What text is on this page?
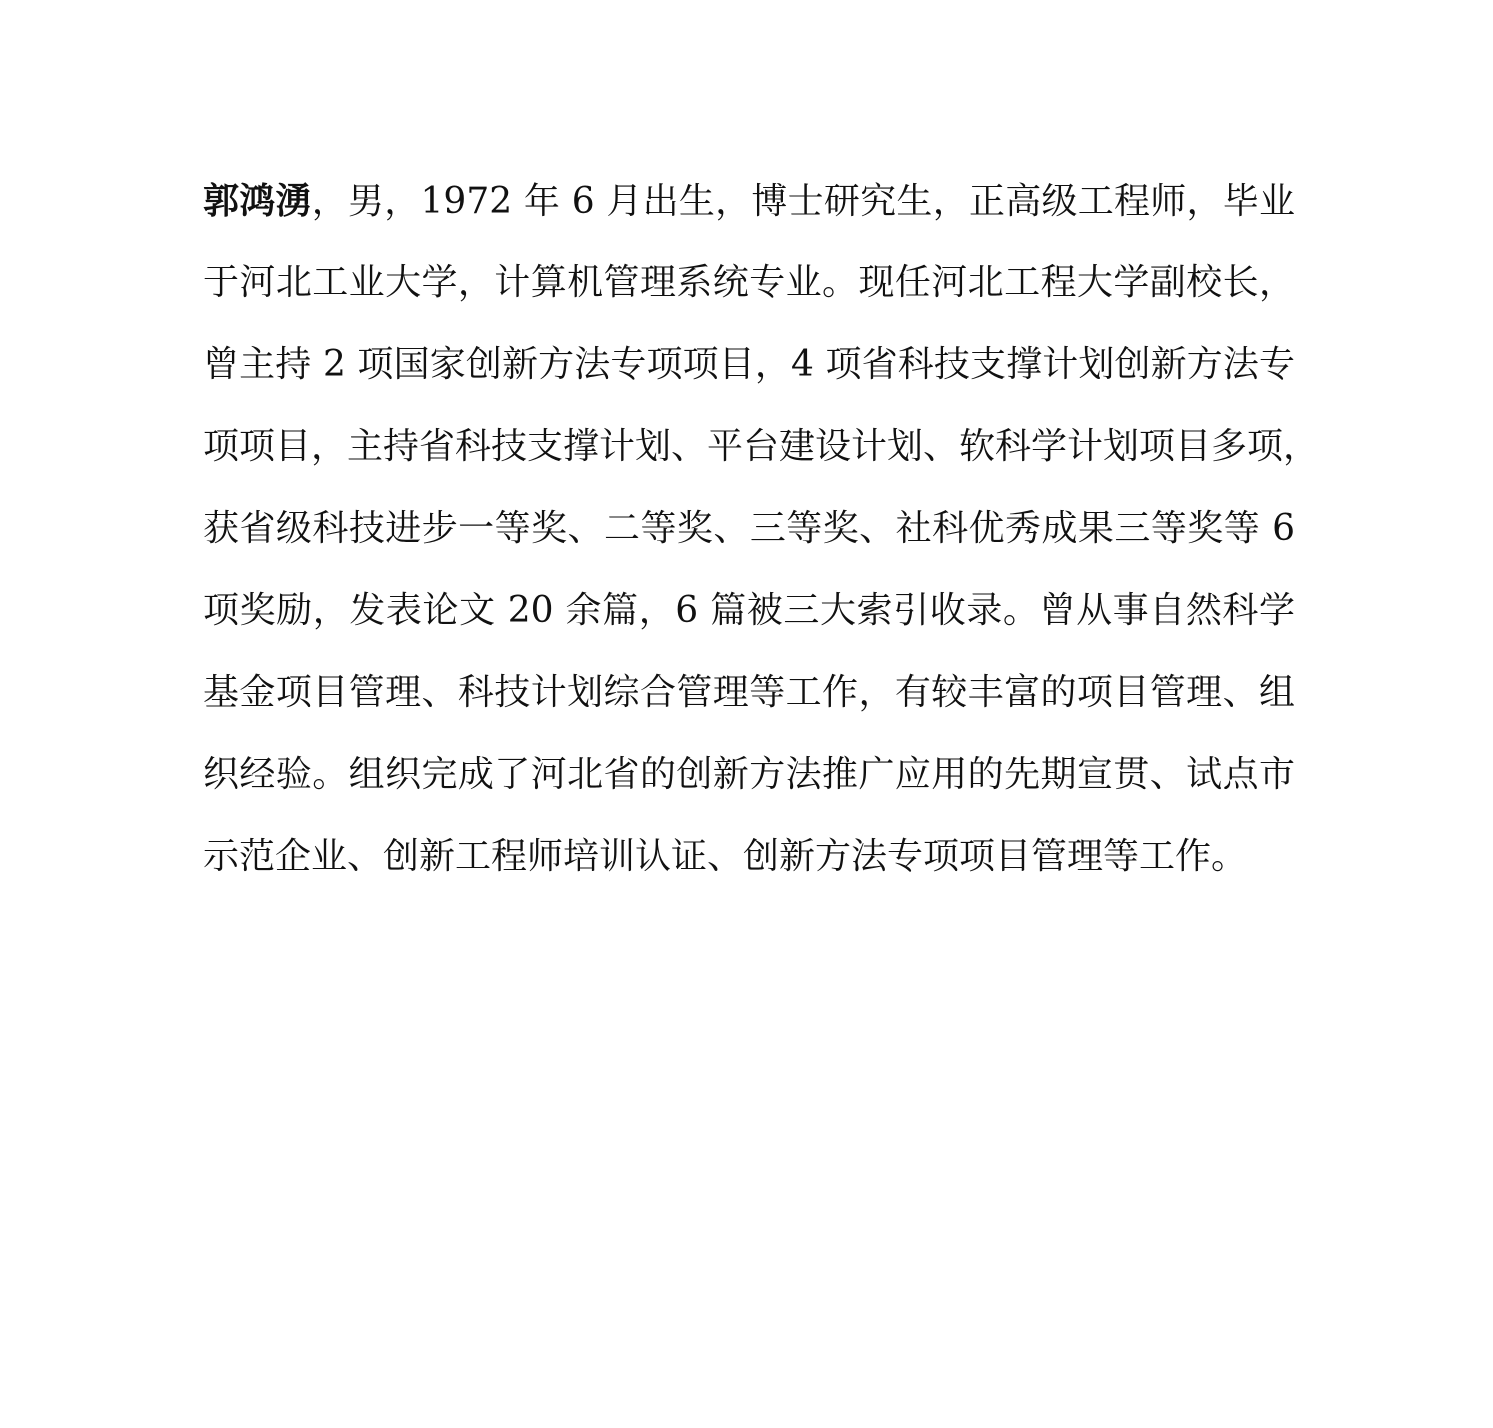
郭鸿湧，男，1972 年 6 月出生，博士研究生，正高级工程师，毕业
于河北工业大学，计算机管理系统专业。现任河北工程大学副校长，
曾主持 2 项国家创新方法专项项目，4 项省科技支撑计划创新方法专
项项目，主持省科技支撑计划、平台建设计划、软科学计划项目多项，
获省级科技进步一等奖、二等奖、三等奖、社科优秀成果三等奖等 6
项奖励，发表论文 20 余篇，6 篇被三大索引收录。曾从事自然科学
基金项目管理、科技计划综合管理等工作，有较丰富的项目管理、组
织经验。组织完成了河北省的创新方法推广应用的先期宣贯、试点市
示范企业、创新工程师培训认证、创新方法专项项目管理等工作。
